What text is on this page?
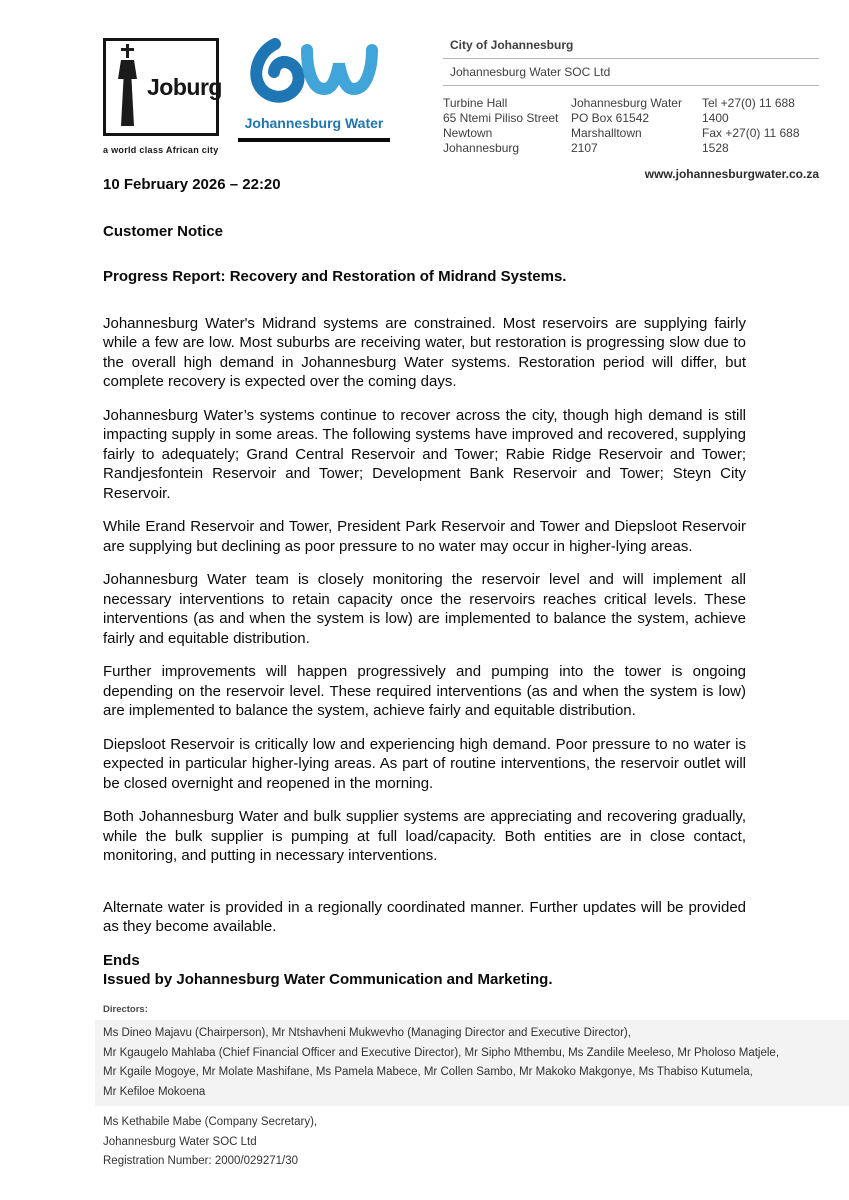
Joburg
a world class African city
Johannesburg Water
City of Johannesburg
Johannesburg Water SOC Ltd
Turbine Hall
65 Ntemi Piliso Street
Newtown
Johannesburg
Johannesburg Water
PO Box 61542
Marshalltown
2107
Tel +27(0) 11 688 1400
Fax +27(0) 11 688 1528
www.johannesburgwater.co.za
10 February 2026 – 22:20
Customer Notice
Progress Report: Recovery and Restoration of Midrand Systems.

Johannesburg Water's Midrand systems are constrained. Most reservoirs are supplying fairly while a few are low. Most suburbs are receiving water, but restoration is progressing slow due to the overall high demand in Johannesburg Water systems. Restoration period will differ, but complete recovery is expected over the coming days.

Johannesburg Water’s systems continue to recover across the city, though high demand is still impacting supply in some areas. The following systems have improved and recovered, supplying fairly to adequately; Grand Central Reservoir and Tower; Rabie Ridge Reservoir and Tower; Randjesfontein Reservoir and Tower; Development Bank Reservoir and Tower; Steyn City Reservoir.

While Erand Reservoir and Tower, President Park Reservoir and Tower and Diepsloot Reservoir are supplying but declining as poor pressure to no water may occur in higher-lying areas.

Johannesburg Water team is closely monitoring the reservoir level and will implement all necessary interventions to retain capacity once the reservoirs reaches critical levels. These interventions (as and when the system is low) are implemented to balance the system, achieve fairly and equitable distribution.

Further improvements will happen progressively and pumping into the tower is ongoing depending on the reservoir level. These required interventions (as and when the system is low) are implemented to balance the system, achieve fairly and equitable distribution.

Diepsloot Reservoir is critically low and experiencing high demand. Poor pressure to no water is expected in particular higher-lying areas. As part of routine interventions, the reservoir outlet will be closed overnight and reopened in the morning.

Both Johannesburg Water and bulk supplier systems are appreciating and recovering gradually, while the bulk supplier is pumping at full load/capacity. Both entities are in close contact, monitoring, and putting in necessary interventions.

Alternate water is provided in a regionally coordinated manner. Further updates will be provided as they become available.

Ends
Issued by Johannesburg Water Communication and Marketing.
Directors:
Ms Dineo Majavu (Chairperson), Mr Ntshavheni Mukwevho (Managing Director and Executive Director),
Mr Kgaugelo Mahlaba (Chief Financial Officer and Executive Director), Mr Sipho Mthembu, Ms Zandile Meeleso, Mr Pholoso Matjele,
Mr Kgaile Mogoye, Mr Molate Mashifane, Ms Pamela Mabece, Mr Collen Sambo, Mr Makoko Makgonye, Ms Thabiso Kutumela,
Mr Kefiloe Mokoena
Ms Kethabile Mabe (Company Secretary),
Johannesburg Water SOC Ltd
Registration Number: 2000/029271/30
